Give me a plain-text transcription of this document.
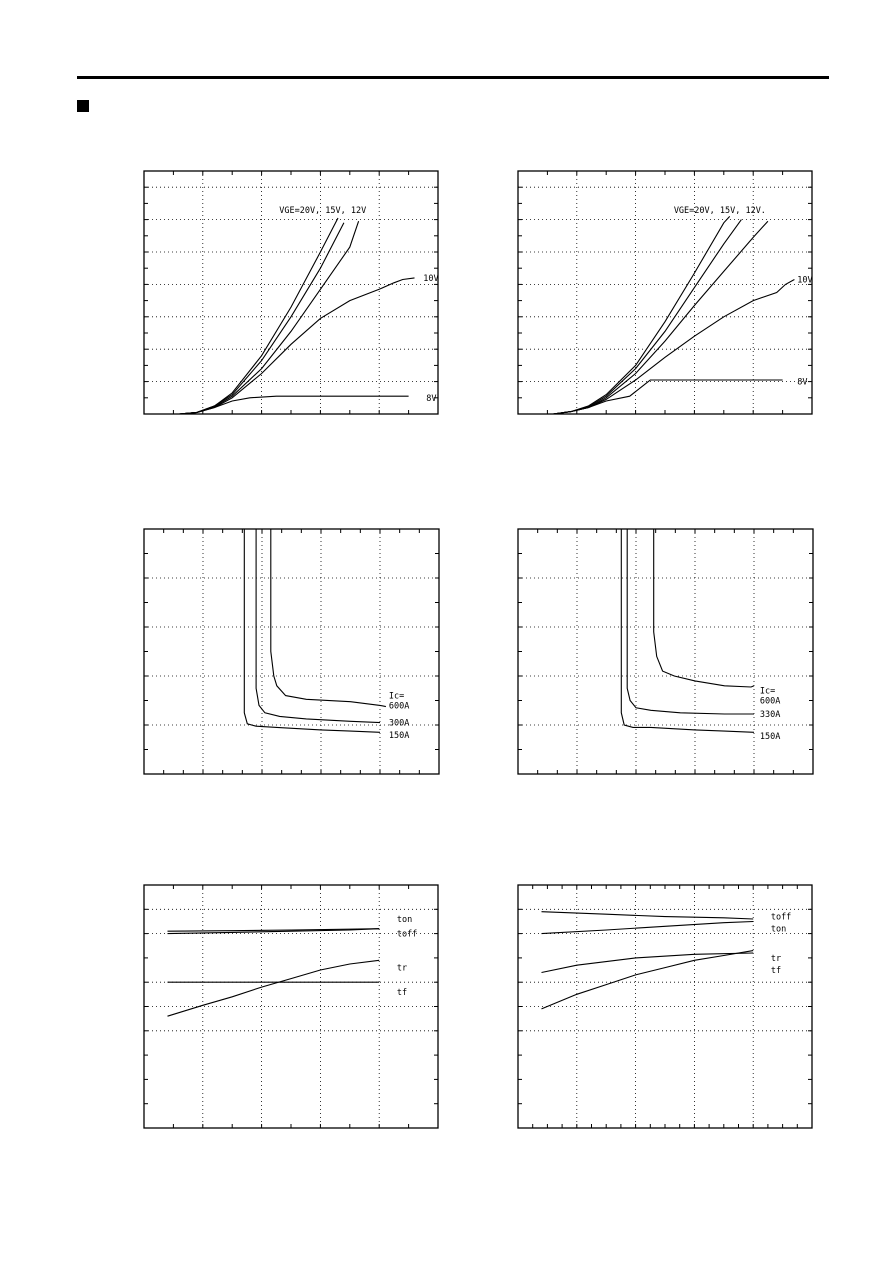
VGE=20V, 15V, 12V
10V
8V
VGE=20V, 15V, 12V.
10V
8V
Ic= 600A
300A
150A
Ic= 600A
330A
150A
ton
toff
tr
tf
toff
ton
tr
tf
